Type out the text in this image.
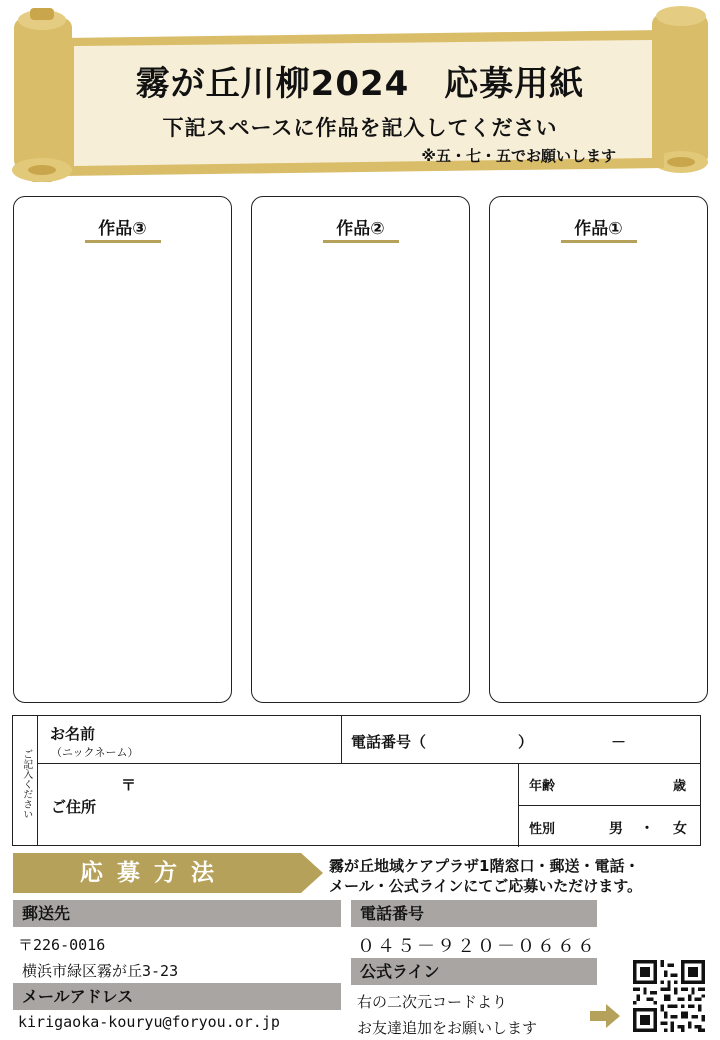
霧が丘川柳2024　応募用紙
下記スペースに作品を記入してください
※五・七・五でお願いします
作品③	作品②	作品①
ご記入ください
お名前
（ニックネーム）
電話番号（	）	－
〒
ご住所
年齢	歳
性別	男 ・ 女
応募方法	霧が丘地域ケアプラザ1階窓口・郵送・電話・
メール・公式ラインにてご応募いただけます。
郵送先
〒226-0016
横浜市緑区霧が丘3-23
メールアドレス
kirigaoka-kouryu@foryou.or.jp
電話番号
０４５－９２０－０６６６
公式ライン
右の二次元コードより
お友達追加をお願いします
